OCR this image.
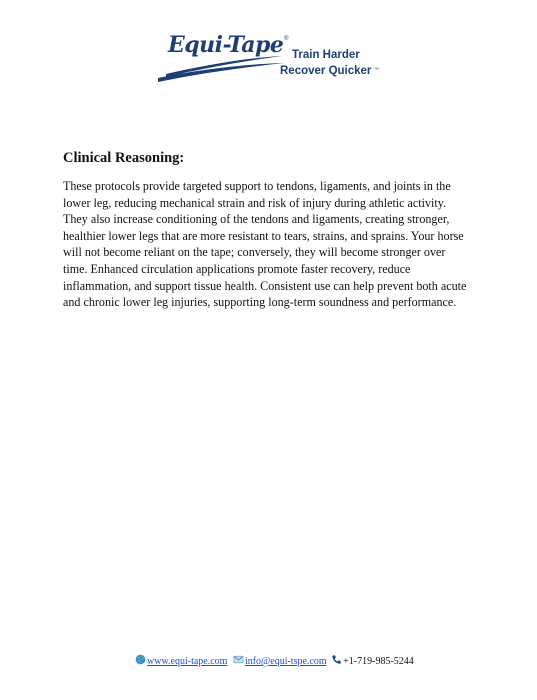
Equi-Tape ®
Train Harder
Recover Quicker ™
Clinical Reasoning:
These protocols provide targeted support to tendons, ligaments, and joints in the
lower leg, reducing mechanical strain and risk of injury during athletic activity.
They also increase conditioning of the tendons and ligaments, creating stronger,
healthier lower legs that are more resistant to tears, strains, and sprains. Your horse
will not become reliant on the tape; conversely, they will become stronger over
time. Enhanced circulation applications promote faster recovery, reduce
inflammation, and support tissue health. Consistent use can help prevent both acute
and chronic lower leg injuries, supporting long-term soundness and performance.
www.equi-tape.com info@equi-tspe.com +1-719-985-5244
